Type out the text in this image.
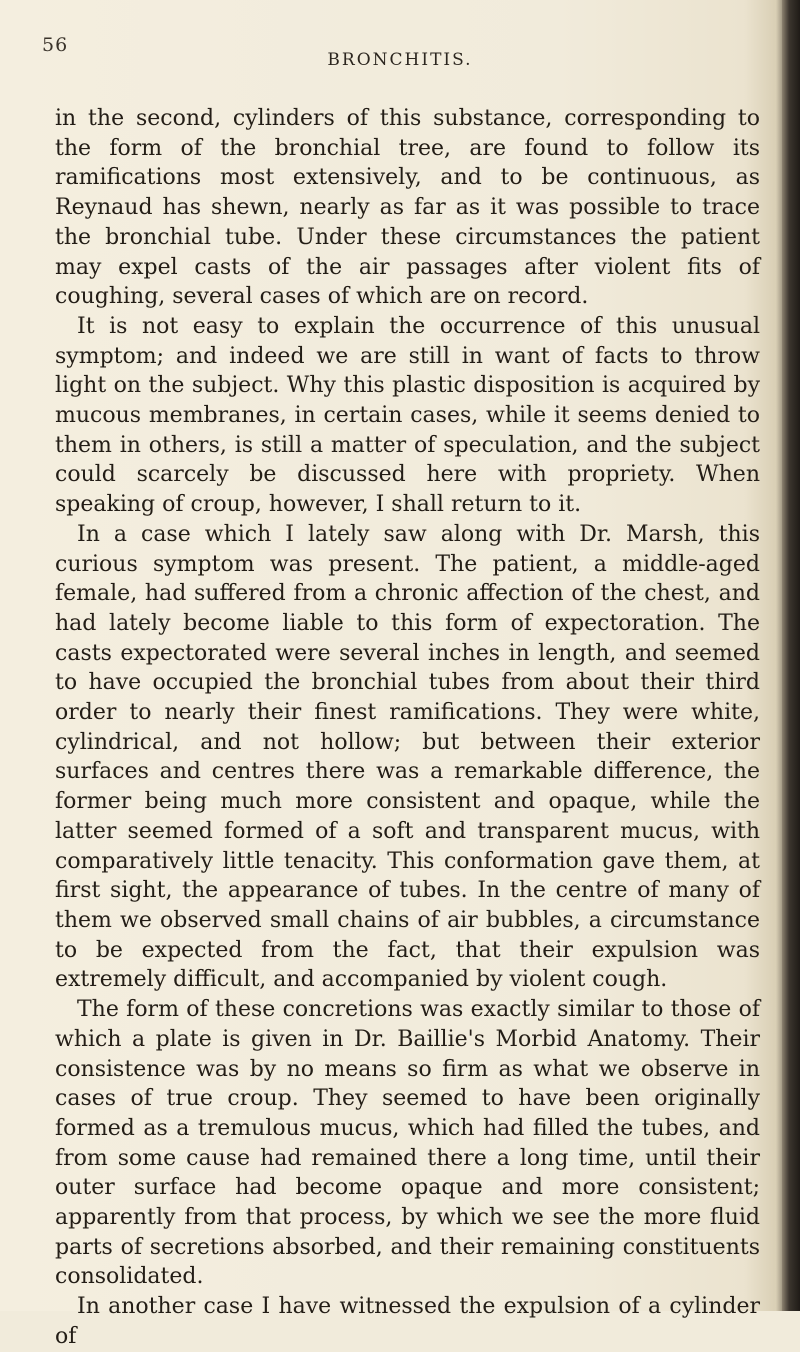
56
BRONCHITIS.

in the second, cylinders of this substance, corresponding to the form of the bronchial tree, are found to follow its ramifications most extensively, and to be continuous, as Reynaud has shewn, nearly as far as it was possible to trace the bronchial tube. Under these circumstances the patient may expel casts of the air passages after violent fits of coughing, several cases of which are on record.

It is not easy to explain the occurrence of this unusual symptom; and indeed we are still in want of facts to throw light on the subject. Why this plastic disposition is acquired by mucous membranes, in certain cases, while it seems denied to them in others, is still a matter of speculation, and the subject could scarcely be discussed here with propriety. When speaking of croup, however, I shall return to it.

In a case which I lately saw along with Dr. Marsh, this curious symptom was present. The patient, a middle-aged female, had suffered from a chronic affection of the chest, and had lately become liable to this form of expectoration. The casts expectorated were several inches in length, and seemed to have occupied the bronchial tubes from about their third order to nearly their finest ramifications. They were white, cylindrical, and not hollow; but between their exterior surfaces and centres there was a remarkable difference, the former being much more consistent and opaque, while the latter seemed formed of a soft and transparent mucus, with comparatively little tenacity. This conformation gave them, at first sight, the appearance of tubes. In the centre of many of them we observed small chains of air bubbles, a circumstance to be expected from the fact, that their expulsion was extremely difficult, and accompanied by violent cough.

The form of these concretions was exactly similar to those of which a plate is given in Dr. Baillie's Morbid Anatomy. Their consistence was by no means so firm as what we observe in cases of true croup. They seemed to have been originally formed as a tremulous mucus, which had filled the tubes, and from some cause had remained there a long time, until their outer surface had become opaque and more consistent; apparently from that process, by which we see the more fluid parts of secretions absorbed, and their remaining constituents consolidated.

In another case I have witnessed the expulsion of a cylinder of
